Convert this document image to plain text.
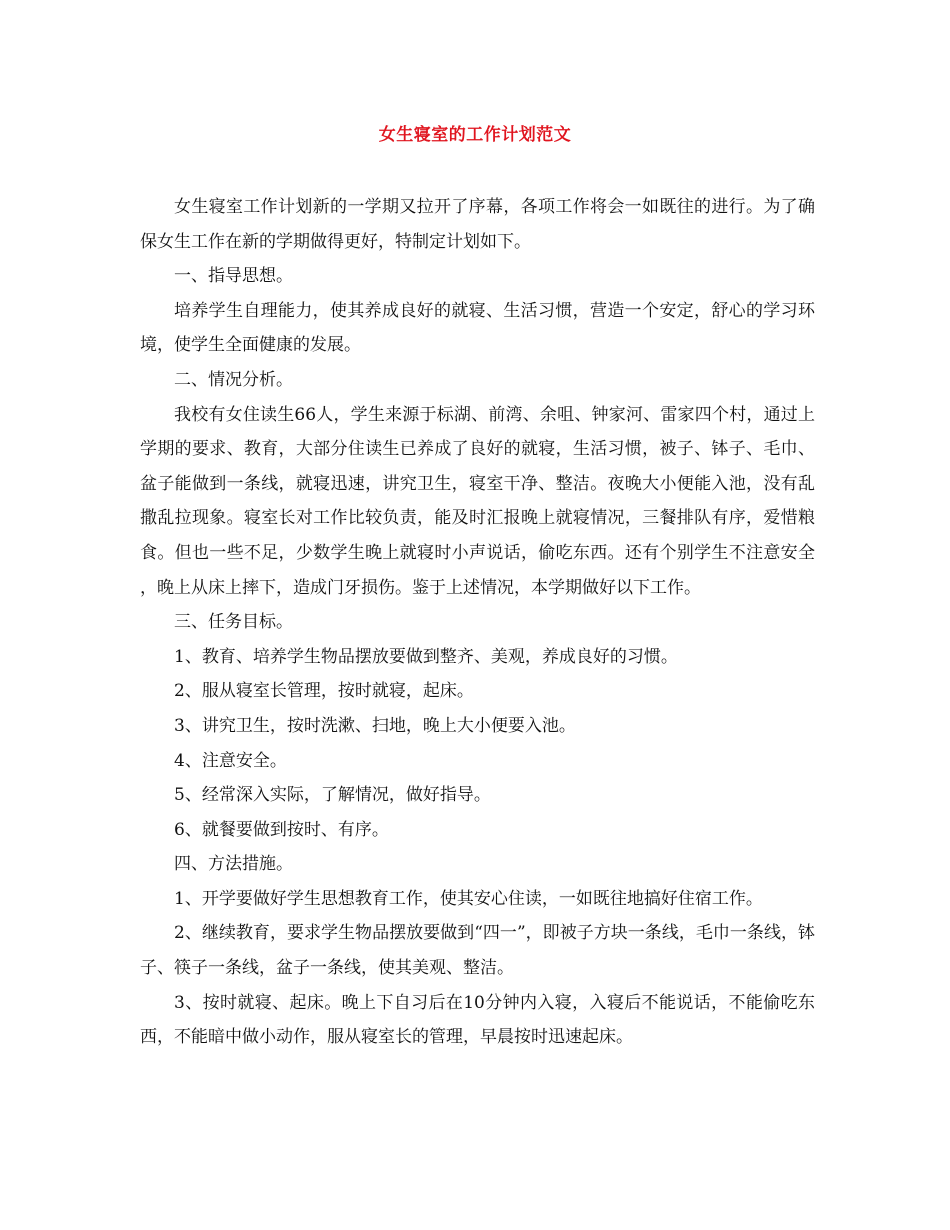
女生寝室的工作计划范文

女生寝室工作计划新的一学期又拉开了序幕，各项工作将会一如既往的进行。为了确保女生工作在新的学期做得更好，特制定计划如下。

一、指导思想。

培养学生自理能力，使其养成良好的就寝、生活习惯，营造一个安定，舒心的学习环境，使学生全面健康的发展。

二、情况分析。

我校有女住读生66人，学生来源于标湖、前湾、余咀、钟家河、雷家四个村，通过上学期的要求、教育，大部分住读生已养成了良好的就寝，生活习惯，被子、钵子、毛巾、盆子能做到一条线，就寝迅速，讲究卫生，寝室干净、整洁。夜晚大小便能入池，没有乱撒乱拉现象。寝室长对工作比较负责，能及时汇报晚上就寝情况，三餐排队有序，爱惜粮食。但也一些不足，少数学生晚上就寝时小声说话，偷吃东西。还有个别学生不注意安全，晚上从床上摔下，造成门牙损伤。鉴于上述情况，本学期做好以下工作。

三、任务目标。

1、教育、培养学生物品摆放要做到整齐、美观，养成良好的习惯。

2、服从寝室长管理，按时就寝，起床。

3、讲究卫生，按时洗漱、扫地，晚上大小便要入池。

4、注意安全。

5、经常深入实际，了解情况，做好指导。

6、就餐要做到按时、有序。

四、方法措施。

1、开学要做好学生思想教育工作，使其安心住读，一如既往地搞好住宿工作。

2、继续教育，要求学生物品摆放要做到“四一”，即被子方块一条线，毛巾一条线，钵子、筷子一条线，盆子一条线，使其美观、整洁。

3、按时就寝、起床。晚上下自习后在10分钟内入寝，入寝后不能说话，不能偷吃东西，不能暗中做小动作，服从寝室长的管理，早晨按时迅速起床。
